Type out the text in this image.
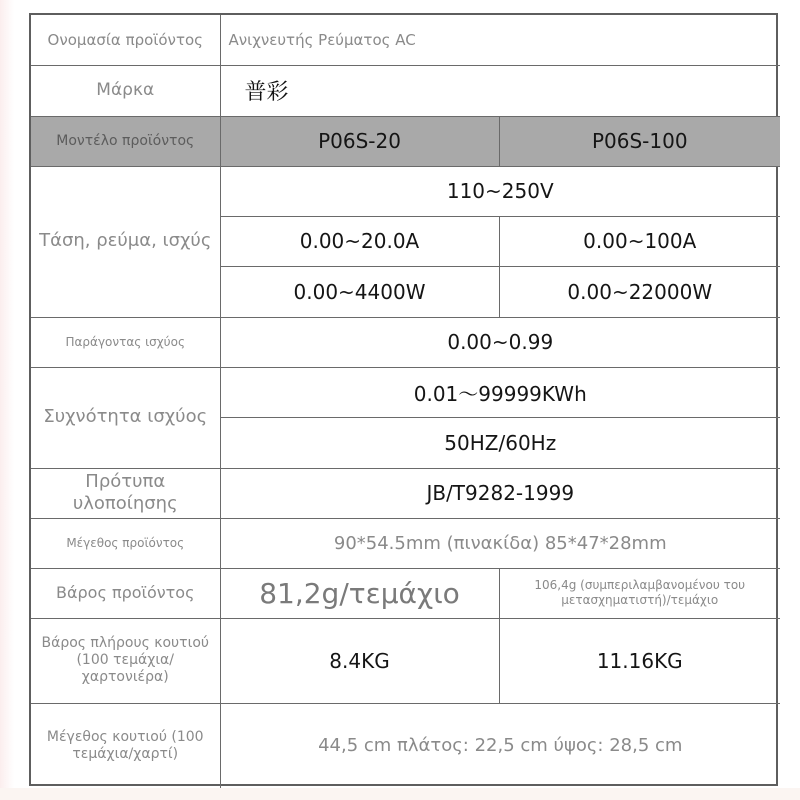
Ονομασία προϊόντος	Ανιχνευτής Ρεύματος AC	
Μάρκα	普彩	
Μοντέλο προϊόντος	P06S-20	P06S-100
Τάση, ρεύμα, ισχύς	110~250V	
	0.00~20.0A	0.00~100A
	0.00~4400W	0.00~22000W
Παράγοντας ισχύος	0.00~0.99	
Συχνότητα ισχύος	0.01～99999KWh	
	50HZ/60Hz	
Πρότυπα υλοποίησης	JB/T9282-1999	
Μέγεθος προϊόντος	90*54.5mm (πινακίδα) 85*47*28mm	
Βάρος προϊόντος	81,2g/τεμάχιο	106,4g (συμπεριλαμβανομένου του μετασχηματιστή)/τεμάχιο
Βάρος πλήρους κουτιού (100 τεμάχια/χαρτονιέρα)	8.4KG	11.16KG
Μέγεθος κουτιού (100 τεμάχια/χαρτί)	44,5 cm πλάτος: 22,5 cm ύψος: 28,5 cm	
